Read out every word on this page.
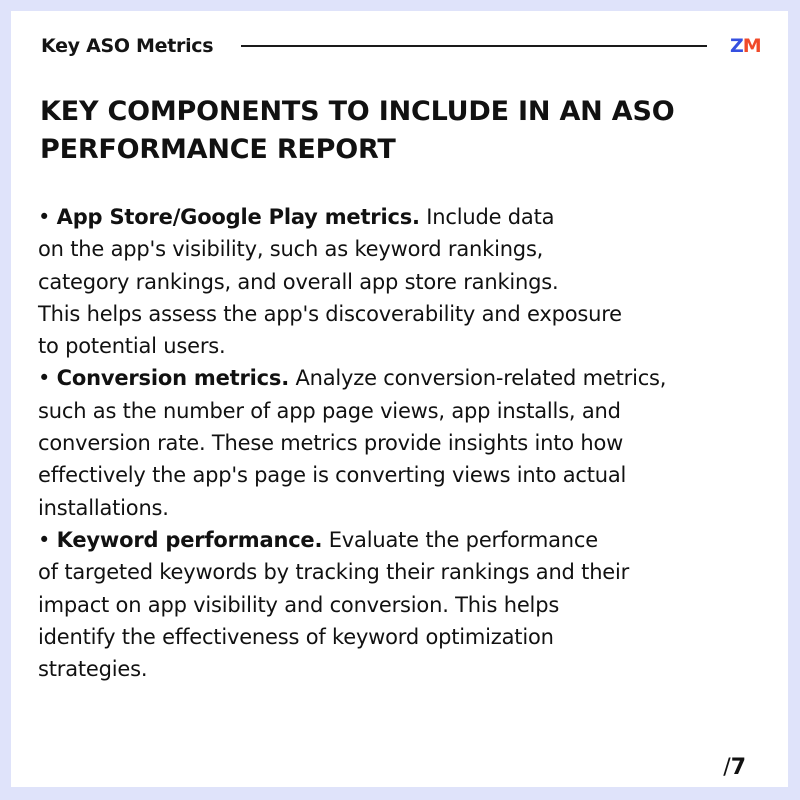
Key ASO Metrics	ZM
KEY COMPONENTS TO INCLUDE IN AN ASO
PERFORMANCE REPORT

• App Store/Google Play metrics. Include data

on the app's visibility, such as keyword rankings,

category rankings, and overall app store rankings.

This helps assess the app's discoverability and exposure

to potential users.

• Conversion metrics. Analyze conversion-related metrics,

such as the number of app page views, app installs, and

conversion rate. These metrics provide insights into how

effectively the app's page is converting views into actual

installations.

• Keyword performance. Evaluate the performance

of targeted keywords by tracking their rankings and their

impact on app visibility and conversion. This helps

identify the effectiveness of keyword optimization

strategies.

/7
